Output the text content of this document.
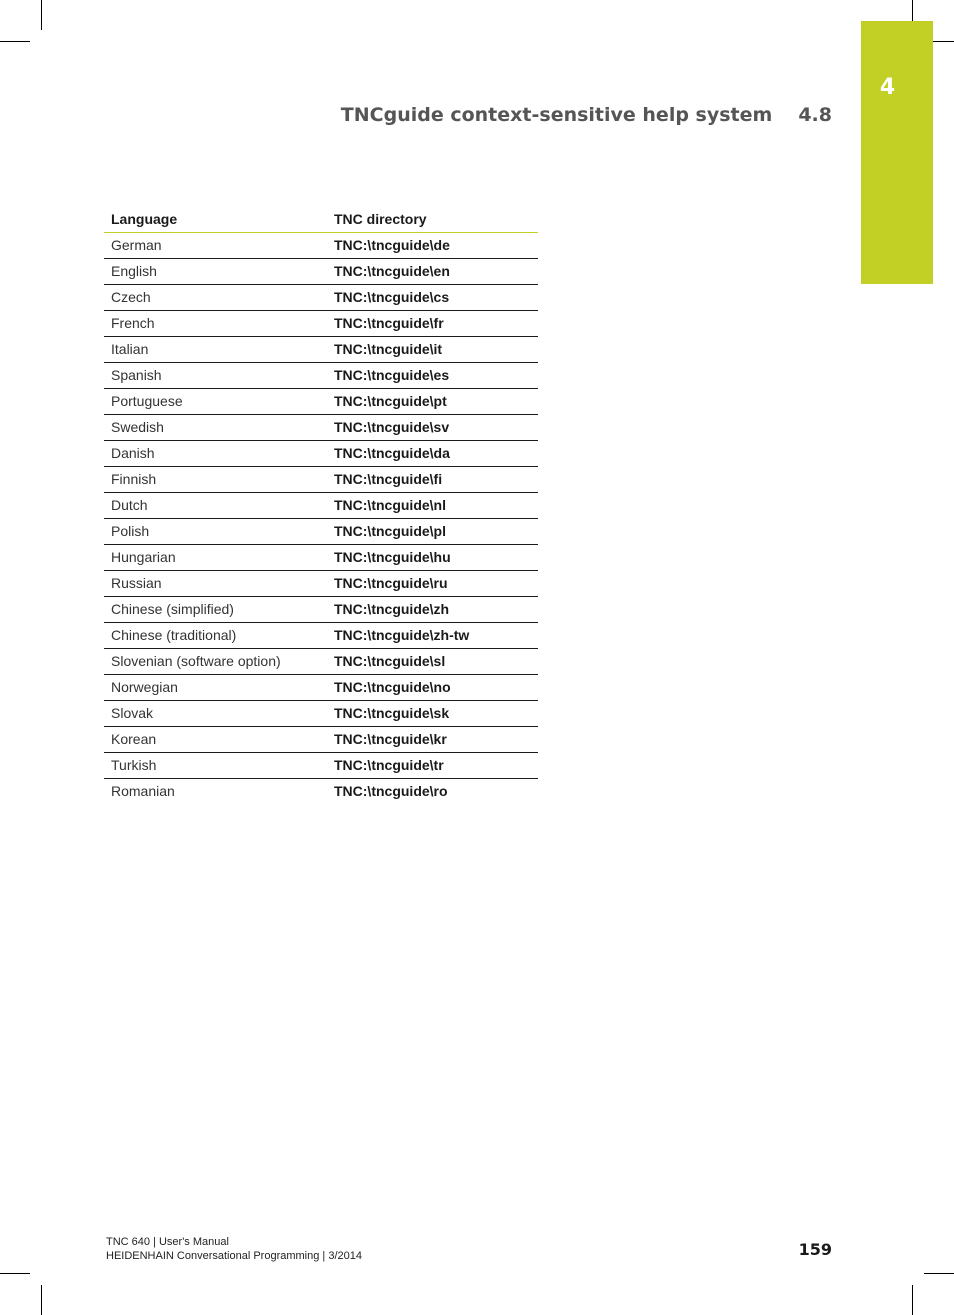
4
TNCguide context-sensitive help system 4.8
Language	TNC directory
German	TNC:\tncguide\de
English	TNC:\tncguide\en
Czech	TNC:\tncguide\cs
French	TNC:\tncguide\fr
Italian	TNC:\tncguide\it
Spanish	TNC:\tncguide\es
Portuguese	TNC:\tncguide\pt
Swedish	TNC:\tncguide\sv
Danish	TNC:\tncguide\da
Finnish	TNC:\tncguide\fi
Dutch	TNC:\tncguide\nl
Polish	TNC:\tncguide\pl
Hungarian	TNC:\tncguide\hu
Russian	TNC:\tncguide\ru
Chinese (simplified)	TNC:\tncguide\zh
Chinese (traditional)	TNC:\tncguide\zh-tw
Slovenian (software option)	TNC:\tncguide\sl
Norwegian	TNC:\tncguide\no
Slovak	TNC:\tncguide\sk
Korean	TNC:\tncguide\kr
Turkish	TNC:\tncguide\tr
Romanian	TNC:\tncguide\ro
TNC 640 | User's Manual
HEIDENHAIN Conversational Programming | 3/2014	159
